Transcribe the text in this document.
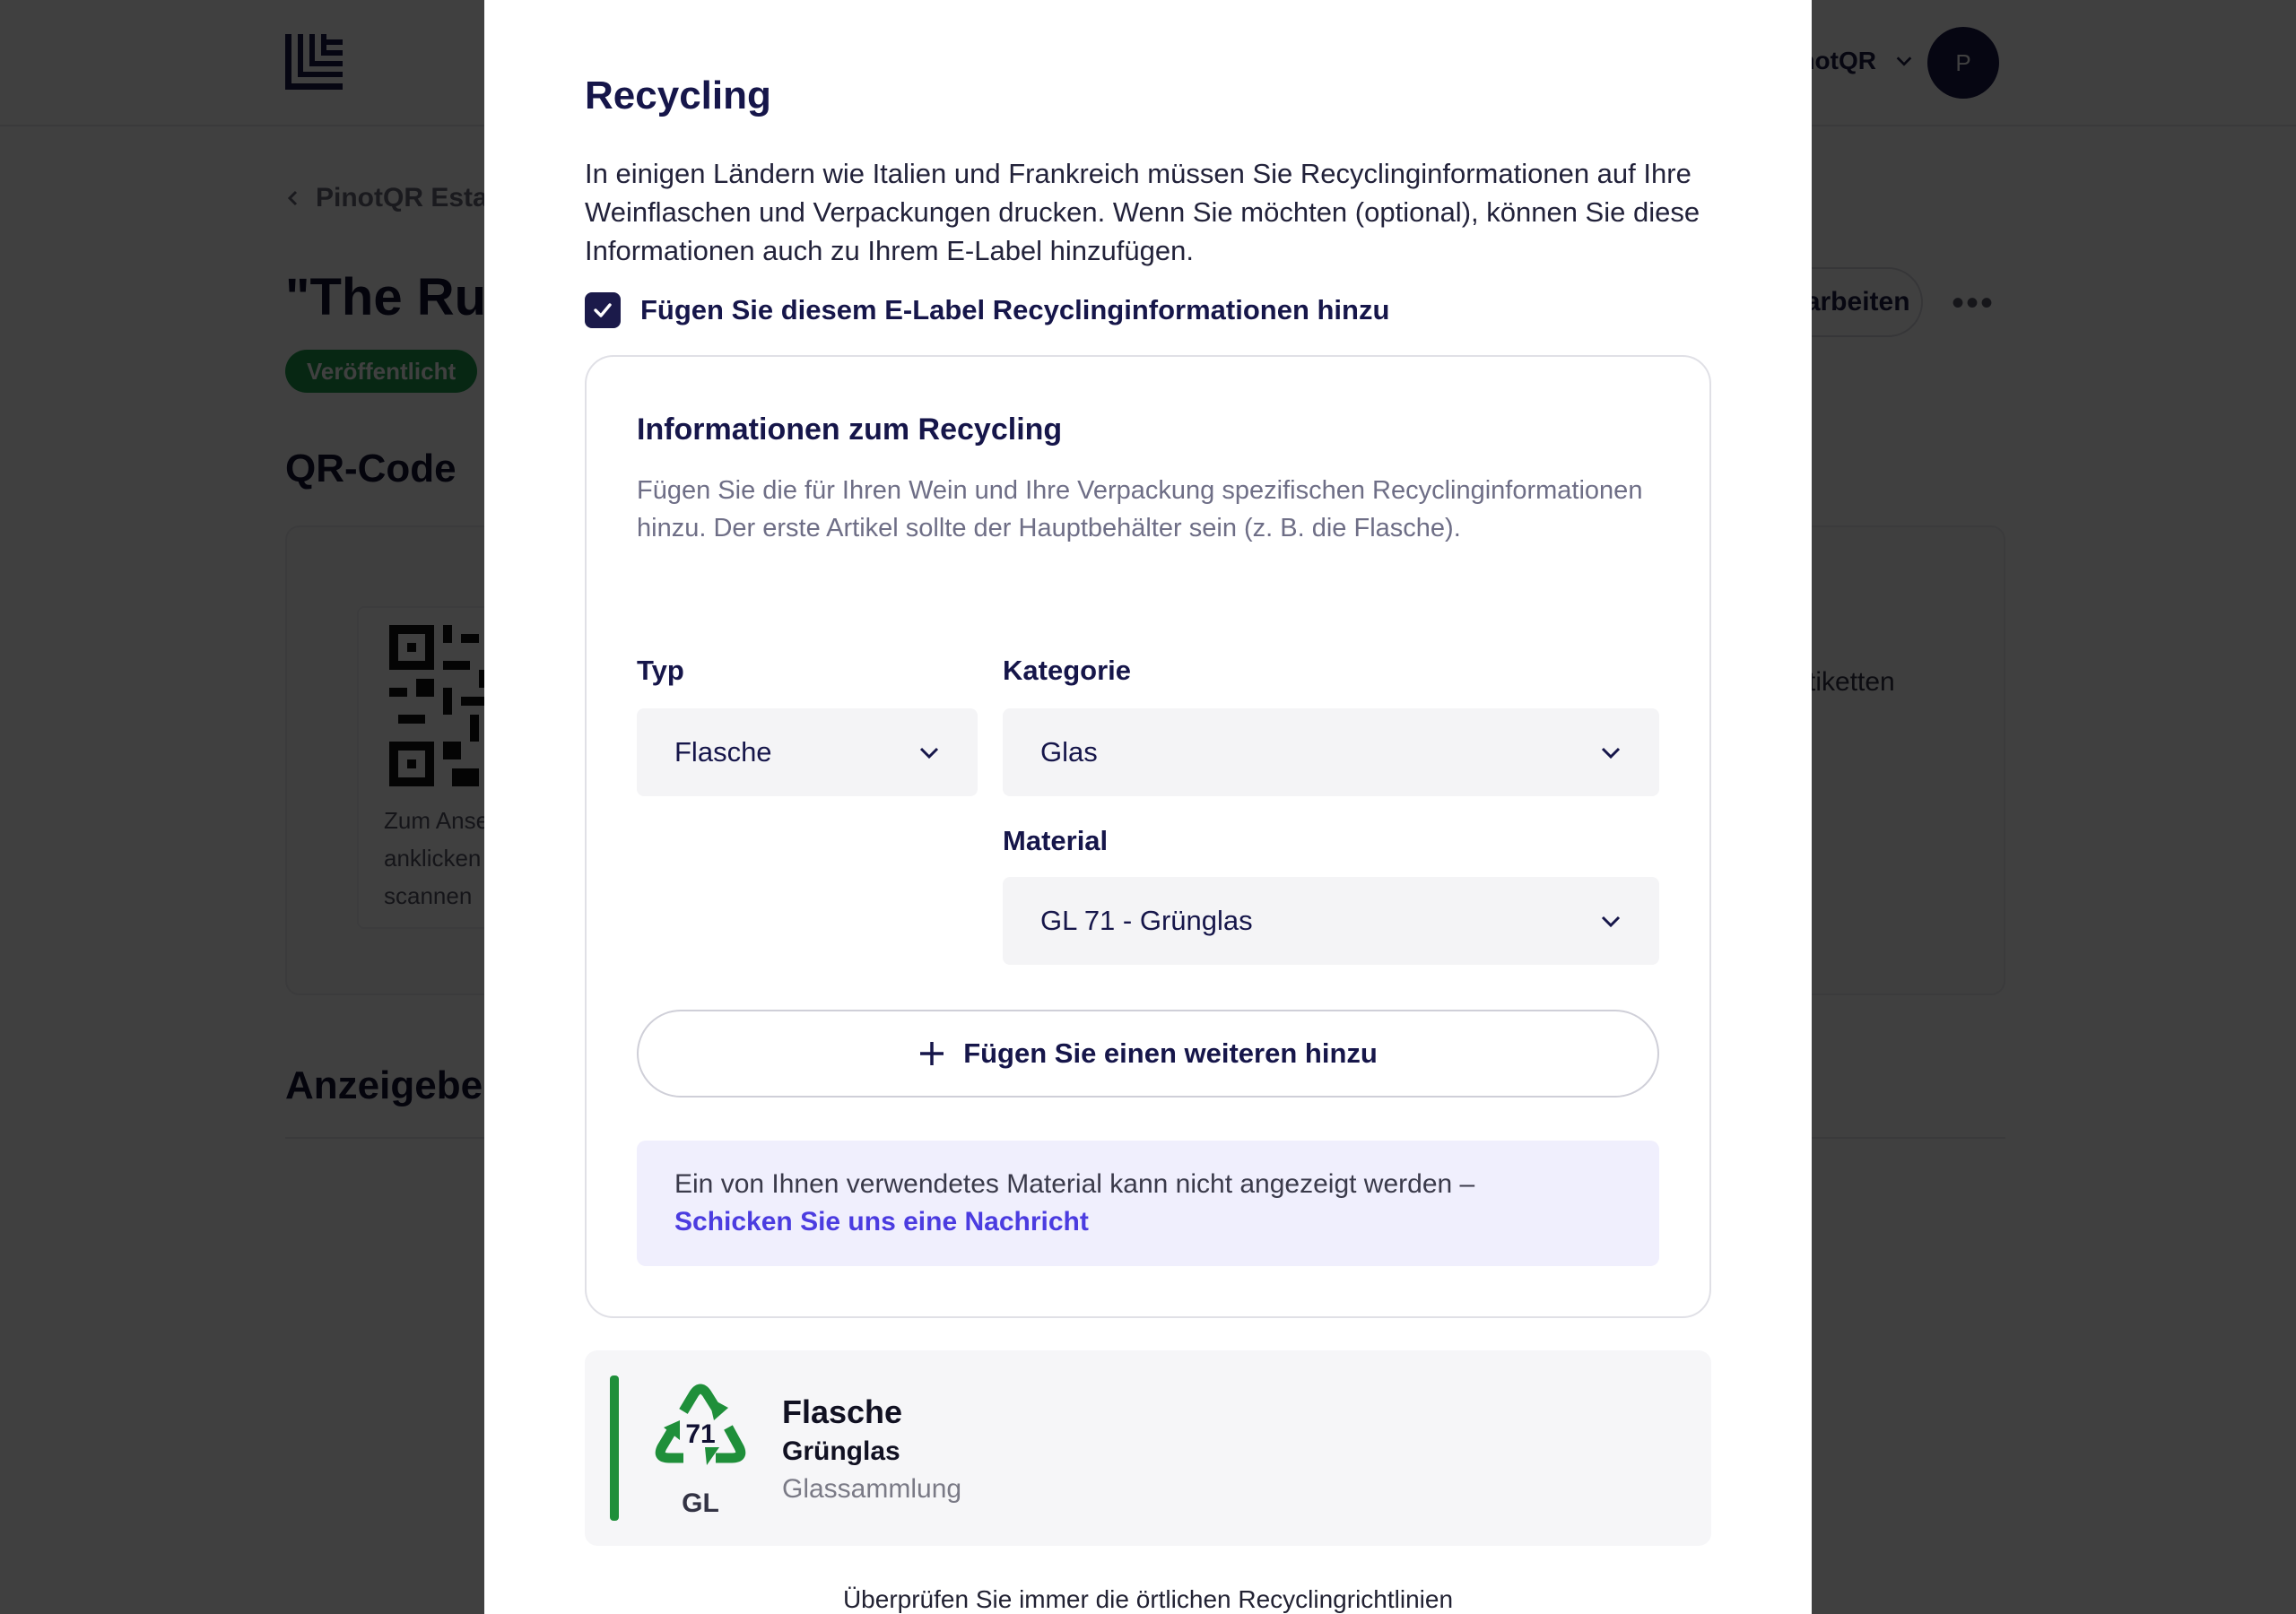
Recycling
In einigen Ländern wie Italien und Frankreich müssen Sie Recyclinginformationen auf Ihre Weinflaschen und Verpackungen drucken. Wenn Sie möchten (optional), können Sie diese Informationen auch zu Ihrem E-Label hinzufügen.
Fügen Sie diesem E-Label Recyclinginformationen hinzu
Informationen zum Recycling
Fügen Sie die für Ihren Wein und Ihre Verpackung spezifischen Recyclinginformationen hinzu. Der erste Artikel sollte der Hauptbehälter sein (z. B. die Flasche).
Typ
Flasche
Kategorie
Glas
Material
GL 71 - Grünglas
Fügen Sie einen weiteren hinzu
Ein von Ihnen verwendetes Material kann nicht angezeigt werden –
Schicken Sie uns eine Nachricht
71
GL
Flasche
Grünglas
Glassammlung
Überprüfen Sie immer die örtlichen Recyclingrichtlinien
